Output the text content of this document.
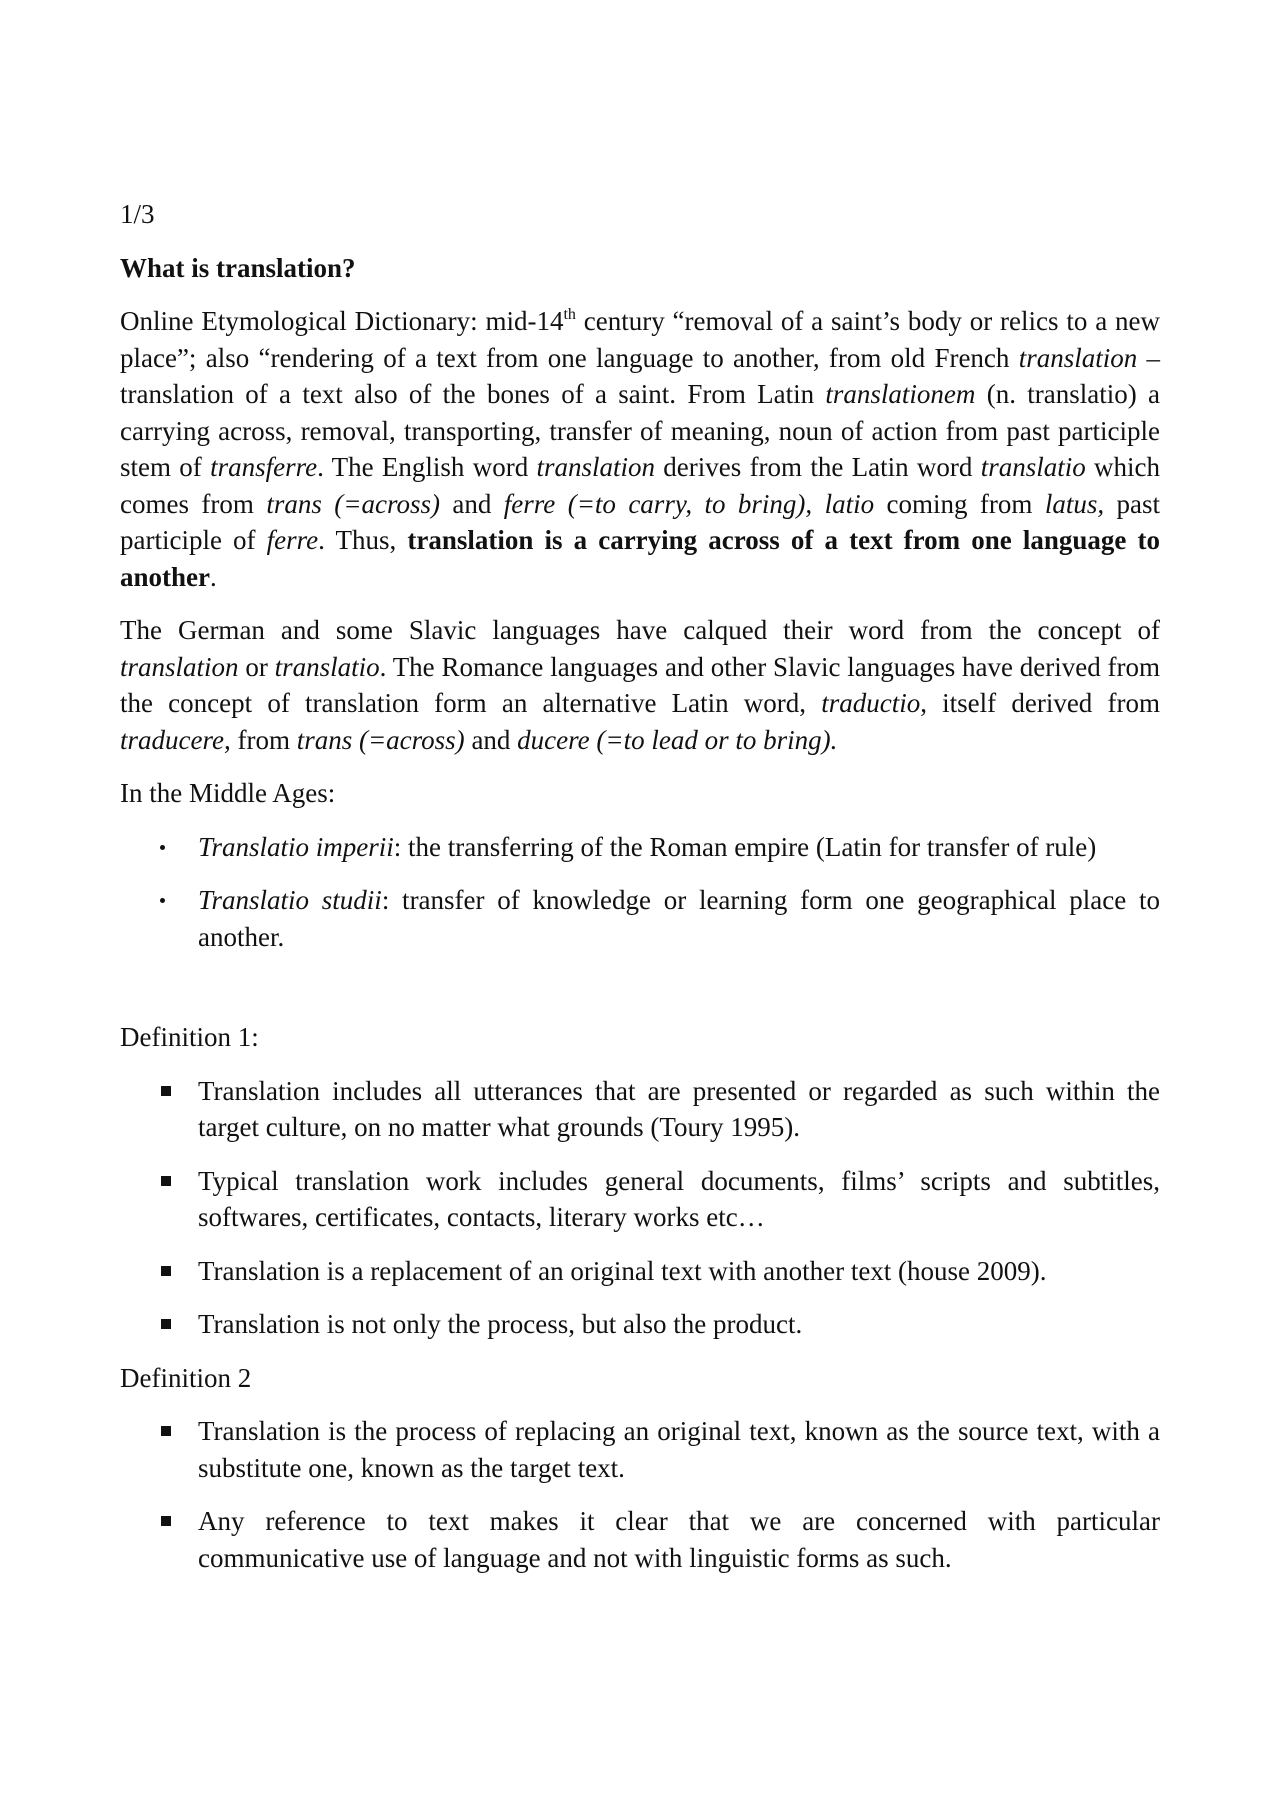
1/3

What is translation?

Online Etymological Dictionary: mid-14th century “removal of a saint’s body or relics to a new place”; also “rendering of a text from one language to another, from old French translation – translation of a text also of the bones of a saint. From Latin translationem (n. translatio) a carrying across, removal, transporting, transfer of meaning, noun of action from past participle stem of transferre. The English word translation derives from the Latin word translatio which comes from trans (=across) and ferre (=to carry, to bring), latio coming from latus, past participle of ferre. Thus, translation is a carrying across of a text from one language to another.

The German and some Slavic languages have calqued their word from the concept of translation or translatio. The Romance languages and other Slavic languages have derived from the concept of translation form an alternative Latin word, traductio, itself derived from traducere, from trans (=across) and ducere (=to lead or to bring).

In the Middle Ages:

Translatio imperii: the transferring of the Roman empire (Latin for transfer of rule)
Translatio studii: transfer of knowledge or learning form one geographical place to another.

Definition 1:

Translation includes all utterances that are presented or regarded as such within the target culture, on no matter what grounds (Toury 1995).
Typical translation work includes general documents, films’ scripts and subtitles, softwares, certificates, contacts, literary works etc…
Translation is a replacement of an original text with another text (house 2009).
Translation is not only the process, but also the product.

Definition 2

Translation is the process of replacing an original text, known as the source text, with a substitute one, known as the target text.
Any reference to text makes it clear that we are concerned with particular communicative use of language and not with linguistic forms as such.
